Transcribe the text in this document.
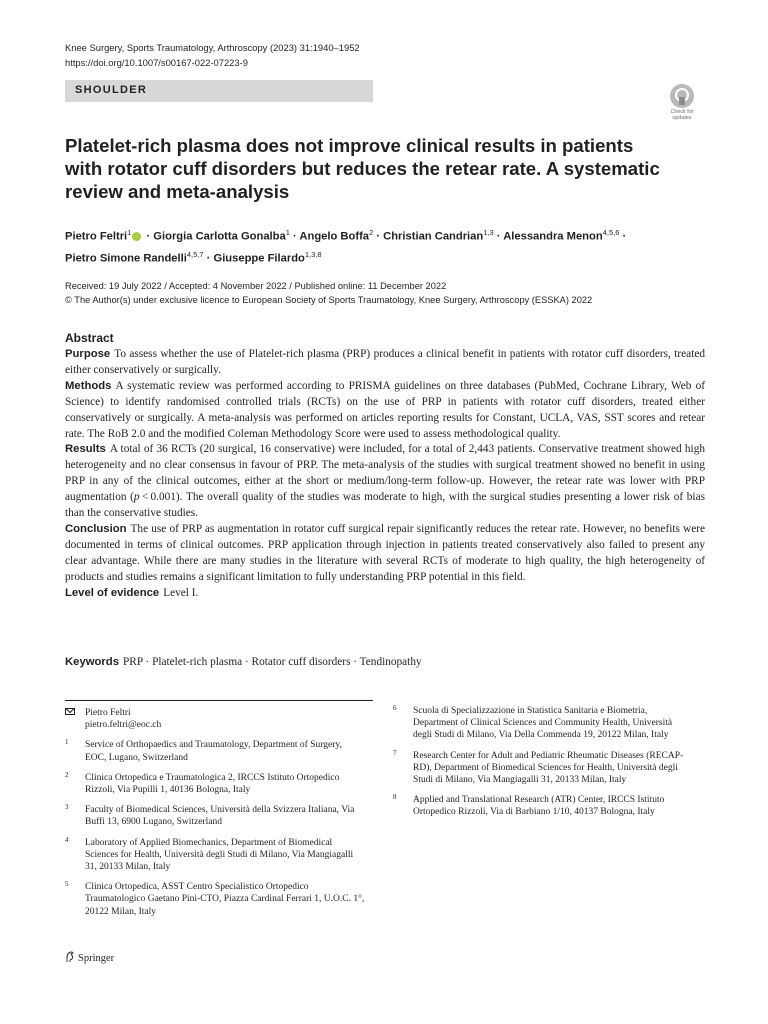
Knee Surgery, Sports Traumatology, Arthroscopy (2023) 31:1940–1952
https://doi.org/10.1007/s00167-022-07223-9
SHOULDER
Check for
updates
Platelet-rich plasma does not improve clinical results in patients with rotator cuff disorders but reduces the retear rate. A systematic review and meta-analysis
Pietro Feltri$^1$ · Giorgia Carlotta Gonalba$^1$ · Angelo Boffa$^2$ · Christian Candrian$^{1,3}$ · Alessandra Menon$^{4,5,6}$ ·
Pietro Simone Randelli$^{4,5,7}$ · Giuseppe Filardo$^{1,3,8}$
Received: 19 July 2022 / Accepted: 4 November 2022 / Published online: 11 December 2022
© The Author(s) under exclusive licence to European Society of Sports Traumatology, Knee Surgery, Arthroscopy (ESSKA) 2022
Abstract

Purpose To assess whether the use of Platelet-rich plasma (PRP) produces a clinical benefit in patients with rotator cuff disorders, treated either conservatively or surgically.

Methods A systematic review was performed according to PRISMA guidelines on three databases (PubMed, Cochrane Library, Web of Science) to identify randomised controlled trials (RCTs) on the use of PRP in patients with rotator cuff disorders, treated either conservatively or surgically. A meta-analysis was performed on articles reporting results for Constant, UCLA, VAS, SST scores and retear rate. The RoB 2.0 and the modified Coleman Methodology Score were used to assess methodological quality.

Results A total of 36 RCTs (20 surgical, 16 conservative) were included, for a total of 2,443 patients. Conservative treatment showed high heterogeneity and no clear consensus in favour of PRP. The meta-analysis of the studies with surgical treatment showed no benefit in using PRP in any of the clinical outcomes, either at the short or medium/long-term follow-up. However, the retear rate was lower with PRP augmentation (p < 0.001). The overall quality of the studies was moderate to high, with the surgical studies presenting a lower risk of bias than the conservative studies.

Conclusion The use of PRP as augmentation in rotator cuff surgical repair significantly reduces the retear rate. However, no benefits were documented in terms of clinical outcomes. PRP application through injection in patients treated conservatively also failed to present any clear advantage. While there are many studies in the literature with several RCTs of moderate to high quality, the high heterogeneity of products and studies remains a significant limitation to fully understanding PRP potential in this field.

Level of evidence Level I.

Keywords PRP · Platelet-rich plasma · Rotator cuff disorders · Tendinopathy
Pietro Feltri
pietro.feltri@eoc.ch
1 Service of Orthopaedics and Traumatology, Department of Surgery, EOC, Lugano, Switzerland
2 Clinica Ortopedica e Traumatologica 2, IRCCS Istituto Ortopedico Rizzoli, Via Pupilli 1, 40136 Bologna, Italy
3 Faculty of Biomedical Sciences, Università della Svizzera Italiana, Via Buffi 13, 6900 Lugano, Switzerland
4 Laboratory of Applied Biomechanics, Department of Biomedical Sciences for Health, Università degli Studi di Milano, Via Mangiagalli 31, 20133 Milan, Italy
5 Clinica Ortopedica, ASST Centro Specialistico Ortopedico Traumatologico Gaetano Pini-CTO, Piazza Cardinal Ferrari 1, U.O.C. 1°, 20122 Milan, Italy
6 Scuola di Specializzazione in Statistica Sanitaria e Biometria, Department of Clinical Sciences and Community Health, Università degli Studi di Milano, Via Della Commenda 19, 20122 Milan, Italy
7 Research Center for Adult and Pediatric Rheumatic Diseases (RECAP-RD), Department of Biomedical Sciences for Health, Università degli Studi di Milano, Via Mangiagalli 31, 20133 Milan, Italy
8 Applied and Translational Research (ATR) Center, IRCCS Istituto Ortopedico Rizzoli, Via di Barbiano 1/10, 40137 Bologna, Italy
Springer
